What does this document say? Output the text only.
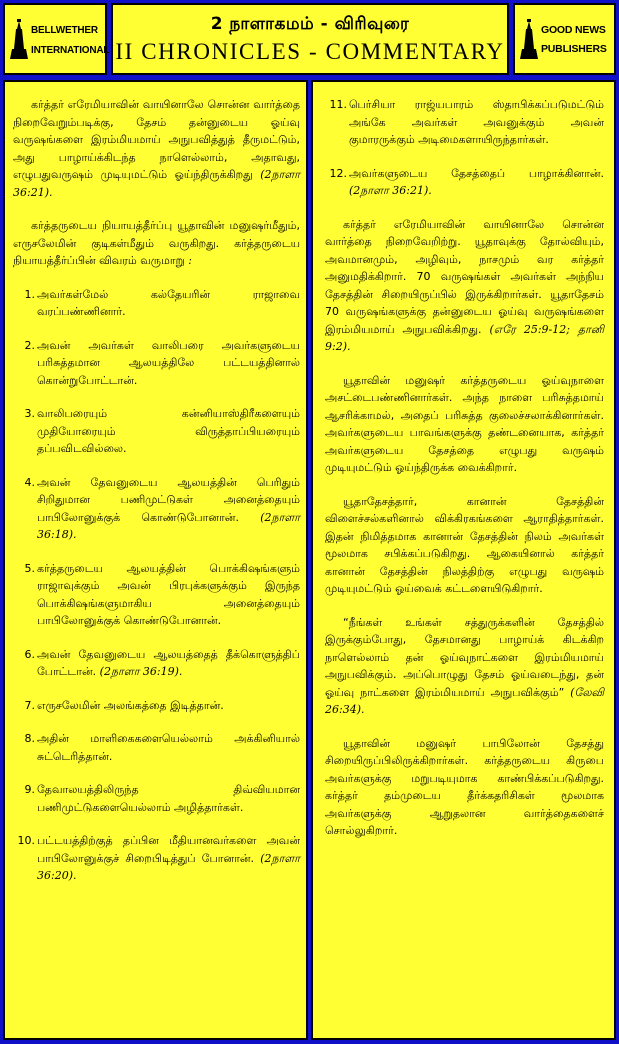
BELLWETHER
INTERNATIONAL
2 நாளாகமம் - விரிவுரை
II CHRONICLES - COMMENTARY
GOOD NEWS
PUBLISHERS

கர்த்தர் எரேமியாவின் வாயினாலே சொன்ன வார்த்தை நிறைவேறும்படிக்கு, தேசம் தன்னுடைய ஓய்வு வருஷங்களை இரம்மியமாய் அநுபவித்துத் தீருமட்டும், அது பாழாய்க்கிடந்த நாளெல்லாம், அதாவது, எழுபதுவருஷம் முடியுமட்டும் ஓய்ந்திருக்கிறது (2நாளா 36:21).

கர்த்தருடைய நியாயத்தீர்ப்பு யூதாவின் மனுஷர்மீதும், எருசலேமின் குடிகள்மீதும் வருகிறது. கர்த்தருடைய நியாயத்தீர்ப்பின் விவரம் வருமாறு :

1. அவர்கள்மேல் கல்தேயரின் ராஜாவை வரப்பண்ணினார்.
2. அவன் அவர்கள் வாலிபரை அவர்களுடைய பரிசுத்தமான ஆலயத்திலே பட்டயத்தினால் கொன்றுபோட்டான்.
3. வாலிபரையும் கன்னியாஸ்திரீகளையும் முதியோரையும் விருத்தாப்பியரையும் தப்பவிடவில்லை.
4. அவன் தேவனுடைய ஆலயத்தின் பெரிதும் சிறிதுமான பணிமுட்டுகள் அனைத்தையும் பாபிலோனுக்குக் கொண்டுபோனான். (2நாளா 36:18).
5. கர்த்தருடைய ஆலயத்தின் பொக்கிஷங்களும் ராஜாவுக்கும் அவன் பிரபுக்களுக்கும் இருந்த பொக்கிஷங்களுமாகிய அனைத்தையும் பாபிலோனுக்குக் கொண்டுபோனான்.
6. அவன் தேவனுடைய ஆலயத்தைத் தீக்கொளுத்திப் போட்டான். (2நாளா 36:19).
7. எருசலேமின் அலங்கத்தை இடித்தான்.
8. அதின் மாளிகைகளையெல்லாம் அக்கினியால் சுட்டெரித்தான்.
9. தேவாலயத்திலிருந்த திவ்வியமான பணிமுட்டுகளையெல்லாம் அழித்தார்கள்.
10. பட்டயத்திற்குத் தப்பின மீதியானவர்களை அவன் பாபிலோனுக்குச் சிறைபிடித்துப் போனான். (2நாளா 36:20).
11. பெர்சியா ராஜ்யபாரம் ஸ்தாபிக்கப்படுமட்டும் அங்கே அவர்கள் அவனுக்கும் அவன் குமாரருக்கும் அடிமைகளாயிருந்தார்கள்.
12. அவர்களுடைய தேசத்தைப் பாழாக்கினான். (2நாளா 36:21).

கர்த்தர் எரேமியாவின் வாயினாலே சொன்ன வார்த்தை நிறைவேறிற்று. யூதாவுக்கு தோல்வியும், அவமானமும், அழிவும், நாசமும் வர கர்த்தர் அனுமதிக்கிறார். 70 வருஷங்கள் அவர்கள் அந்நிய தேசத்தின் சிறையிருப்பில் இருக்கிறார்கள். யூதாதேசம் 70 வருஷங்களுக்கு தன்னுடைய ஓய்வு வருஷங்களை இரம்மியமாய் அநுபவிக்கிறது. (எரே 25:9-12; தானி 9:2).

யூதாவின் மனுஷர் கர்த்தருடைய ஓய்வுநாளை அசட்டைபண்ணினார்கள். அந்த நாளை பரிசுத்தமாய் ஆசரிக்காமல், அதைப் பரிசுத்த குலைச்சலாக்கினார்கள். அவர்களுடைய பாவங்களுக்கு தண்டனையாக, கர்த்தர் அவர்களுடைய தேசத்தை எழுபது வருஷம் முடியுமட்டும் ஓய்ந்திருக்க வைக்கிறார்.

யூதாதேசத்தார், கானான் தேசத்தின் விளைச்சல்களினால் விக்கிரகங்களை ஆராதித்தார்கள். இதன் நிமித்தமாக கானான் தேசத்தின் நிலம் அவர்கள் மூலமாக சபிக்கப்படுகிறது. ஆகையினால் கர்த்தர் கானான் தேசத்தின் நிலத்திற்கு எழுபது வருஷம் முடியுமட்டும் ஓய்வைக் கட்டளையிடுகிறார்.

“நீங்கள் உங்கள் சத்துருக்களின் தேசத்தில் இருக்கும்போது, தேசமானது பாழாய்க் கிடக்கிற நாளெல்லாம் தன் ஓய்வுநாட்களை இரம்மியமாய் அநுபவிக்கும். அப்பொழுது தேசம் ஓய்வடைந்து, தன் ஓய்வு நாட்களை இரம்மியமாய் அநுபவிக்கும்” (லேவி 26:34).

யூதாவின் மனுஷர் பாபிலோன் தேசத்து சிறையிருப்பிலிருக்கிறார்கள். கர்த்தருடைய கிருபை அவர்களுக்கு மறுபடியுமாக காண்பிக்கப்படுகிறது. கர்த்தர் தம்முடைய தீர்க்கதரிசிகள் மூலமாக அவர்களுக்கு ஆறுதலான வார்த்தைகளைச் சொல்லுகிறார்.
